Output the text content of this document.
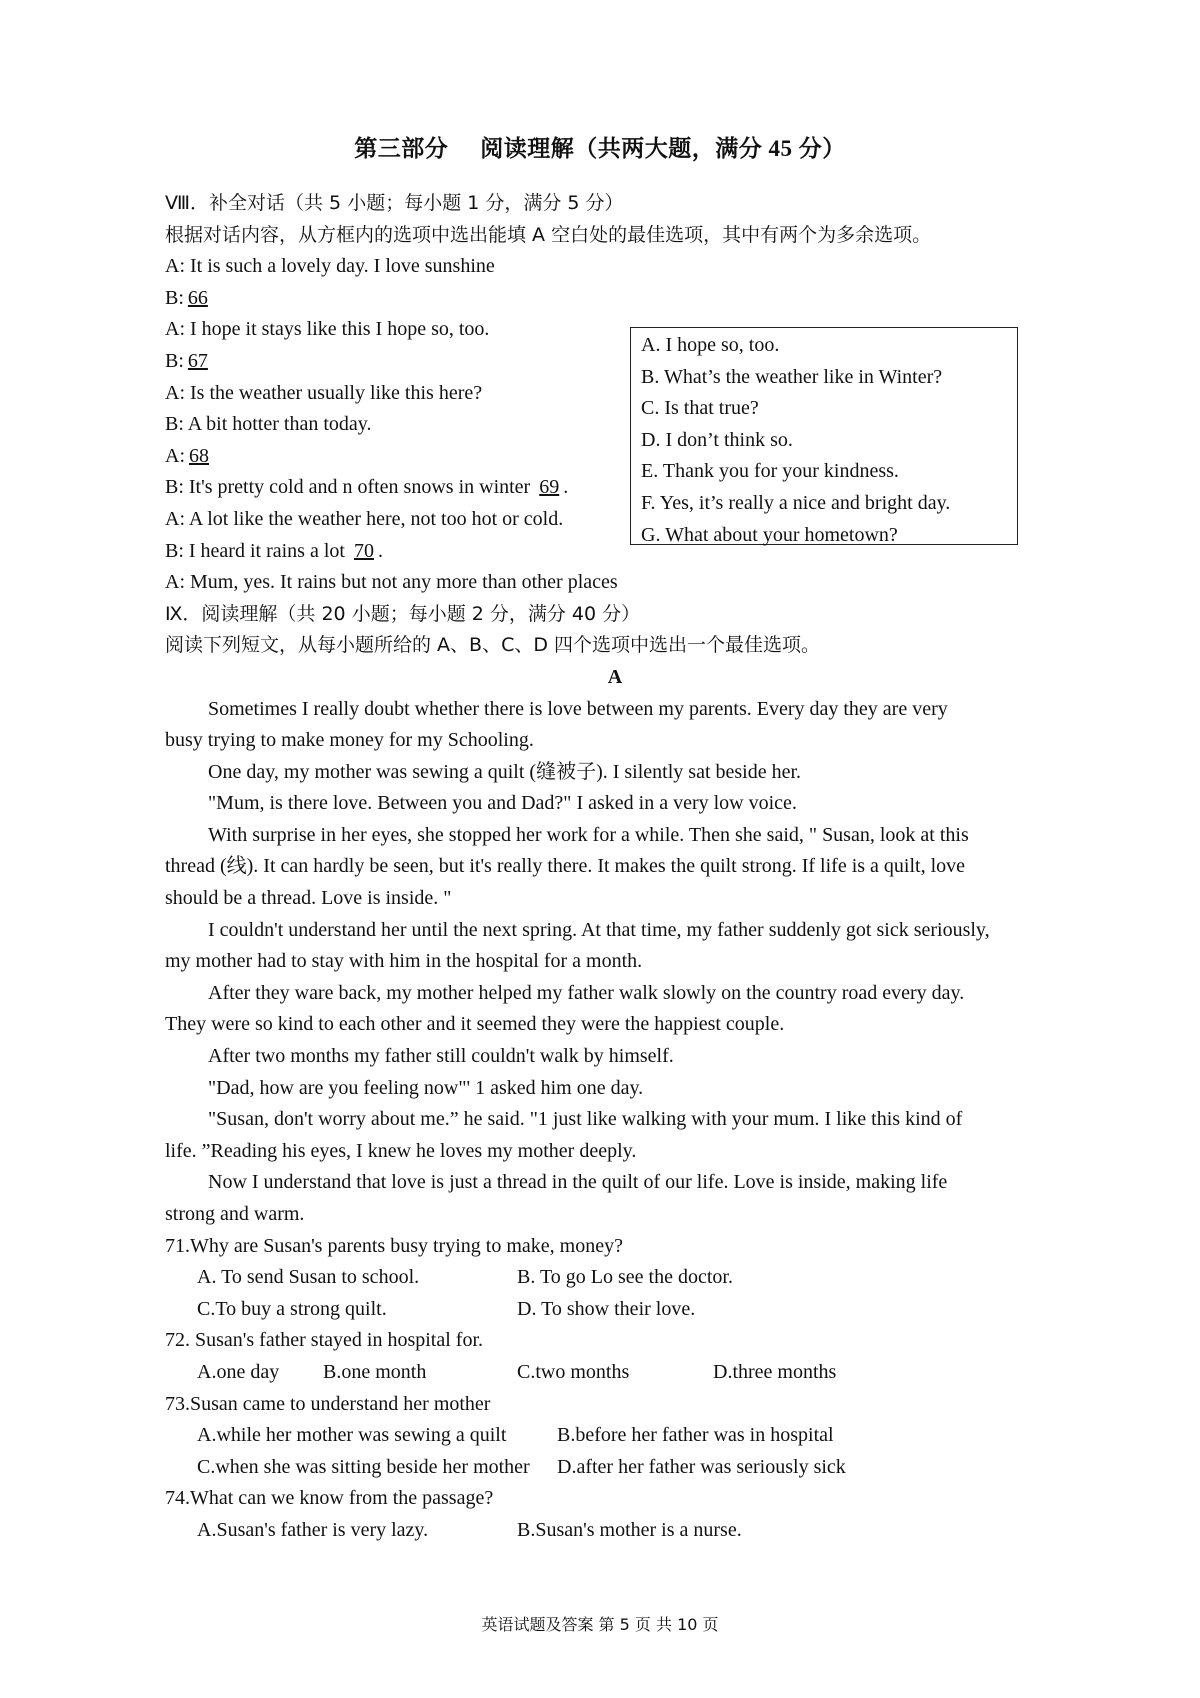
第三部分 阅读理解（共两大题，满分 45 分）
Ⅷ．补全对话（共 5 小题；每小题 1 分，满分 5 分）
根据对话内容，从方框内的选项中选出能填 A 空白处的最佳选项，其中有两个为多余选项。
A: It is such a lovely day. I love sunshine
B: 66
A: I hope it stays like this I hope so, too.
B: 67
A: Is the weather usually like this here?
B: A bit hotter than today.
A: 68
B: It's pretty cold and n often snows in winter 69 .
A: A lot like the weather here, not too hot or cold.
B: I heard it rains a lot 70 .
A: Mum, yes. It rains but not any more than other places
Ⅸ．阅读理解（共 20 小题；每小题 2 分，满分 40 分）
阅读下列短文，从每小题所给的 A、B、C、D 四个选项中选出一个最佳选项。
A
Sometimes I really doubt whether there is love between my parents. Every day they are very
busy trying to make money for my Schooling.
One day, my mother was sewing a quilt (缝被子). I silently sat beside her.
"Mum, is there love. Between you and Dad?" I asked in a very low voice.
With surprise in her eyes, she stopped her work for a while. Then she said, " Susan, look at this
thread (线). It can hardly be seen, but it's really there. It makes the quilt strong. If life is a quilt, love
should be a thread. Love is inside. "
I couldn't understand her until the next spring. At that time, my father suddenly got sick seriously,
my mother had to stay with him in the hospital for a month.
After they ware back, my mother helped my father walk slowly on the country road every day.
They were so kind to each other and it seemed they were the happiest couple.
After two months my father still couldn't walk by himself.
"Dad, how are you feeling now"' 1 asked him one day.
"Susan, don't worry about me.” he said. "1 just like walking with your mum. I like this kind of
life. ”Reading his eyes, I knew he loves my mother deeply.
Now I understand that love is just a thread in the quilt of our life. Love is inside, making life
strong and warm.
71.Why are Susan's parents busy trying to make, money?
A. To send Susan to school.	B. To go Lo see the doctor.
C.To buy a strong quilt.	D. To show their love.
72. Susan's father stayed in hospital for.
A.one day B.one month	C.two months	D.three months
73.Susan came to understand her mother
A.while her mother was sewing a quilt	B.before her father was in hospital
C.when she was sitting beside her mother D.after her father was seriously sick
74.What can we know from the passage?
A.Susan's father is very lazy.	B.Susan's mother is a nurse.
A. I hope so, too.
B. What’s the weather like in Winter?
C. Is that true?
D. I don’t think so.
E. Thank you for your kindness.
F. Yes, it’s really a nice and bright day.
G. What about your hometown?
英语试题及答案 第 5 页 共 10 页
